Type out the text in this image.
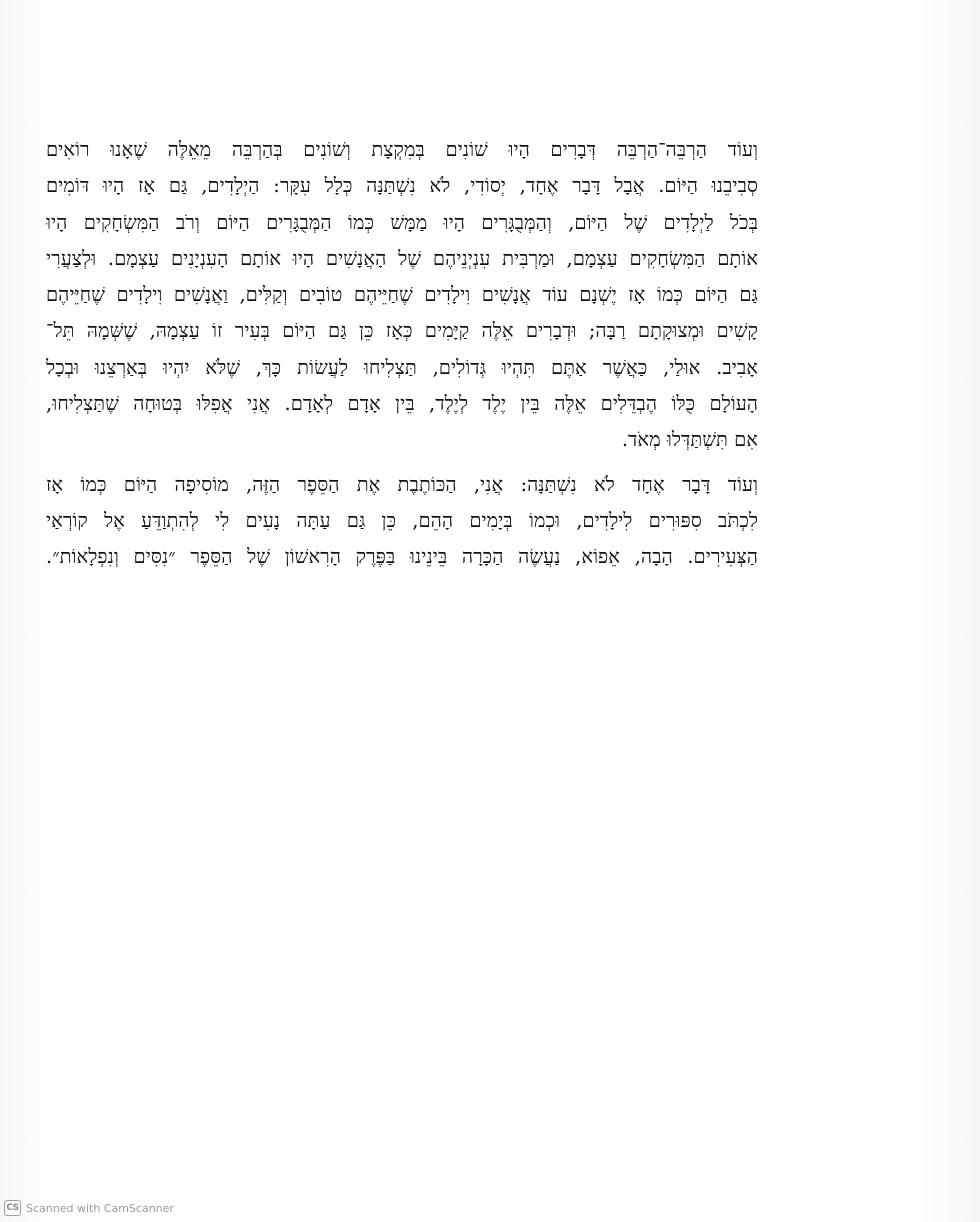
וְעוֹד הַרְבֵּה־הַרְבֵּה דְּבָרִים הָיוּ שׁוֹנִים בְּמִקְצָת וְשׁוֹנִים בְּהַרְבֵּה מֵאֵלֶּה שֶׁאָנוּ רוֹאִים
סְבִיבֵנוּ הַיּוֹם. אֲבָל דָּבָר אֶחָד, יְסוֹדִי, לֹא נִשְׁתַּנָּה כְּלָל עִקָּר: הַיְלָדִים, גַּם אָז הָיוּ דּוֹמִים
בְּכֹל לַיְלָדִים שֶׁל הַיּוֹם, וְהַמְּבֻגָּרִים הָיוּ מַמָּשׁ כְּמוֹ הַמְּבֻגָּרִים הַיּוֹם וְרֹב הַמִּשְׂחָקִים הָיוּ
אוֹתָם הַמִּשְׂחָקִים עַצְמָם, וּמַרְבִּית עִנְיְנֵיהֶם שֶׁל הָאֲנָשִׁים הָיוּ אוֹתָם הָעִנְיָנִים עַצְמָם. וּלְצַעֲרִי
גַּם הַיּוֹם כְּמוֹ אָז יֶשְׁנָם עוֹד אֲנָשִׁים וִילָדִים שֶׁחַיֵּיהֶם טוֹבִים וְקַלִּים, וַאֲנָשִׁים וִילָדִים שֶׁחַיֵּיהֶם
קָשִׁים וּמְצוּקָתָם רַבָּה; וּדְבָרִים אֵלֶּה קַיָּמִים כְּאָז כֵּן גַּם הַיּוֹם בְּעִיר זוֹ עַצְמָהּ, שֶׁשְּׁמָהּ תֵּל־
אָבִיב. אוּלַי, כַּאֲשֶׁר אַתֶּם תִּהְיוּ גְּדוֹלִים, תַּצְלִיחוּ לַעֲשׂוֹת כָּךְ, שֶׁלֹּא יִהְיוּ בְּאַרְצֵנוּ וּבְכָל
הָעוֹלָם כֻּלּוֹ הֶבְדֵּלִים אֵלֶּה בֵּין יֶלֶד לְיֶלֶד, בֵּין אָדָם לְאָדָם. אֲנִי אֲפִלּוּ בְּטוּחָה שֶׁתַּצְלִיחוּ,
אִם תִּשְׁתַּדְּלוּ מְאֹד.
וְעוֹד דָּבָר אֶחָד לֹא נִשְׁתַּנָּה: אֲנִי, הַכּוֹתֶבֶת אֶת הַסֵּפֶר הַזֶּה, מוֹסִיפָה הַיּוֹם כְּמוֹ אָז
לִכְתֹּב סִפּוּרִים לִילָדִים, וּכְמוֹ בְּיָמִים הָהֵם, כֵּן גַּם עַתָּה נָעִים לִי לְהִתְוַדֵּעַ אֶל קוֹרְאַי
הַצְּעִירִים. הָבָה, אֵפוֹא, נַעֲשֶׂה הַכָּרָה בֵּינֵינוּ בַּפֶּרֶק הָרִאשׁוֹן שֶׁל הַסֵּפֶר ״נִסִּים וְנִפְלָאוֹת״.
CS Scanned with CamScanner
